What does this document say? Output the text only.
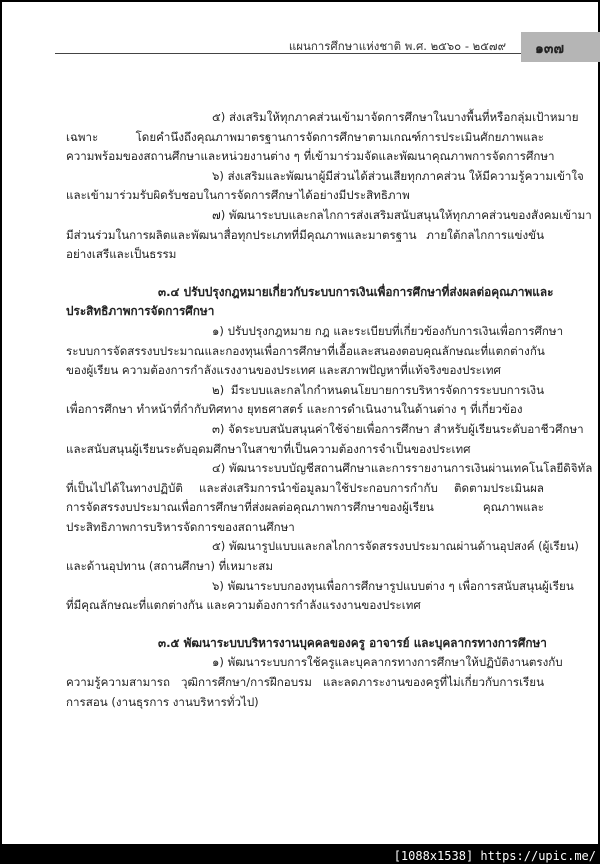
แผนการศึกษาแห่งชาติ พ.ศ. ๒๕๖๐ - ๒๕๗๙ ๑๓๗
๕) ส่งเสริมให้ทุกภาคส่วนเข้ามาจัดการศึกษาในบางพื้นที่หรือกลุ่มเป้าหมาย
เฉพาะ โดยคำนึงถึงคุณภาพมาตรฐานการจัดการศึกษาตามเกณฑ์การประเมินศักยภาพและ
ความพร้อมของสถานศึกษาและหน่วยงานต่าง ๆ ที่เข้ามาร่วมจัดและพัฒนาคุณภาพการจัดการศึกษา
๖) ส่งเสริมและพัฒนาผู้มีส่วนได้ส่วนเสียทุกภาคส่วน ให้มีความรู้ความเข้าใจ
และเข้ามาร่วมรับผิดรับชอบในการจัดการศึกษาได้อย่างมีประสิทธิภาพ
๗) พัฒนาระบบและกลไกการส่งเสริมสนับสนุนให้ทุกภาคส่วนของสังคมเข้ามา
มีส่วนร่วมในการผลิตและพัฒนาสื่อทุกประเภทที่มีคุณภาพและมาตรฐาน ภายใต้กลไกการแข่งขัน
อย่างเสรีและเป็นธรรม
๓.๔ ปรับปรุงกฎหมายเกี่ยวกับระบบการเงินเพื่อการศึกษาที่ส่งผลต่อคุณภาพและ
ประสิทธิภาพการจัดการศึกษา
๑) ปรับปรุงกฎหมาย กฎ และระเบียบที่เกี่ยวข้องกับการเงินเพื่อการศึกษา
ระบบการจัดสรรงบประมาณและกองทุนเพื่อการศึกษาที่เอื้อและสนองตอบคุณลักษณะที่แตกต่างกัน
ของผู้เรียน ความต้องการกำลังแรงงานของประเทศ และสภาพปัญหาที่แท้จริงของประเทศ
๒) มีระบบและกลไกกำหนดนโยบายการบริหารจัดการระบบการเงิน
เพื่อการศึกษา ทำหน้าที่กำกับทิศทาง ยุทธศาสตร์ และการดำเนินงานในด้านต่าง ๆ ที่เกี่ยวข้อง
๓) จัดระบบสนับสนุนค่าใช้จ่ายเพื่อการศึกษา สำหรับผู้เรียนระดับอาชีวศึกษา
และสนับสนุนผู้เรียนระดับอุดมศึกษาในสาขาที่เป็นความต้องการจำเป็นของประเทศ
๔) พัฒนาระบบบัญชีสถานศึกษาและการรายงานการเงินผ่านเทคโนโลยีดิจิทัล
ที่เป็นไปได้ในทางปฏิบัติ และส่งเสริมการนำข้อมูลมาใช้ประกอบการกำกับ ติดตามประเมินผล
การจัดสรรงบประมาณเพื่อการศึกษาที่ส่งผลต่อคุณภาพการศึกษาของผู้เรียน คุณภาพและ
ประสิทธิภาพการบริหารจัดการของสถานศึกษา
๕) พัฒนารูปแบบและกลไกการจัดสรรงบประมาณผ่านด้านอุปสงค์ (ผู้เรียน)
และด้านอุปทาน (สถานศึกษา) ที่เหมาะสม
๖) พัฒนาระบบกองทุนเพื่อการศึกษารูปแบบต่าง ๆ เพื่อการสนับสนุนผู้เรียน
ที่มีคุณลักษณะที่แตกต่างกัน และความต้องการกำลังแรงงานของประเทศ
๓.๕ พัฒนาระบบบริหารงานบุคคลของครู อาจารย์ และบุคลากรทางการศึกษา
๑) พัฒนาระบบการใช้ครูและบุคลากรทางการศึกษาให้ปฏิบัติงานตรงกับ
ความรู้ความสามารถ วุฒิการศึกษา/การฝึกอบรม และลดภาระงานของครูที่ไม่เกี่ยวกับการเรียน
การสอน (งานธุรการ งานบริหารทั่วไป)
[1088x1538] https://upic.me/
